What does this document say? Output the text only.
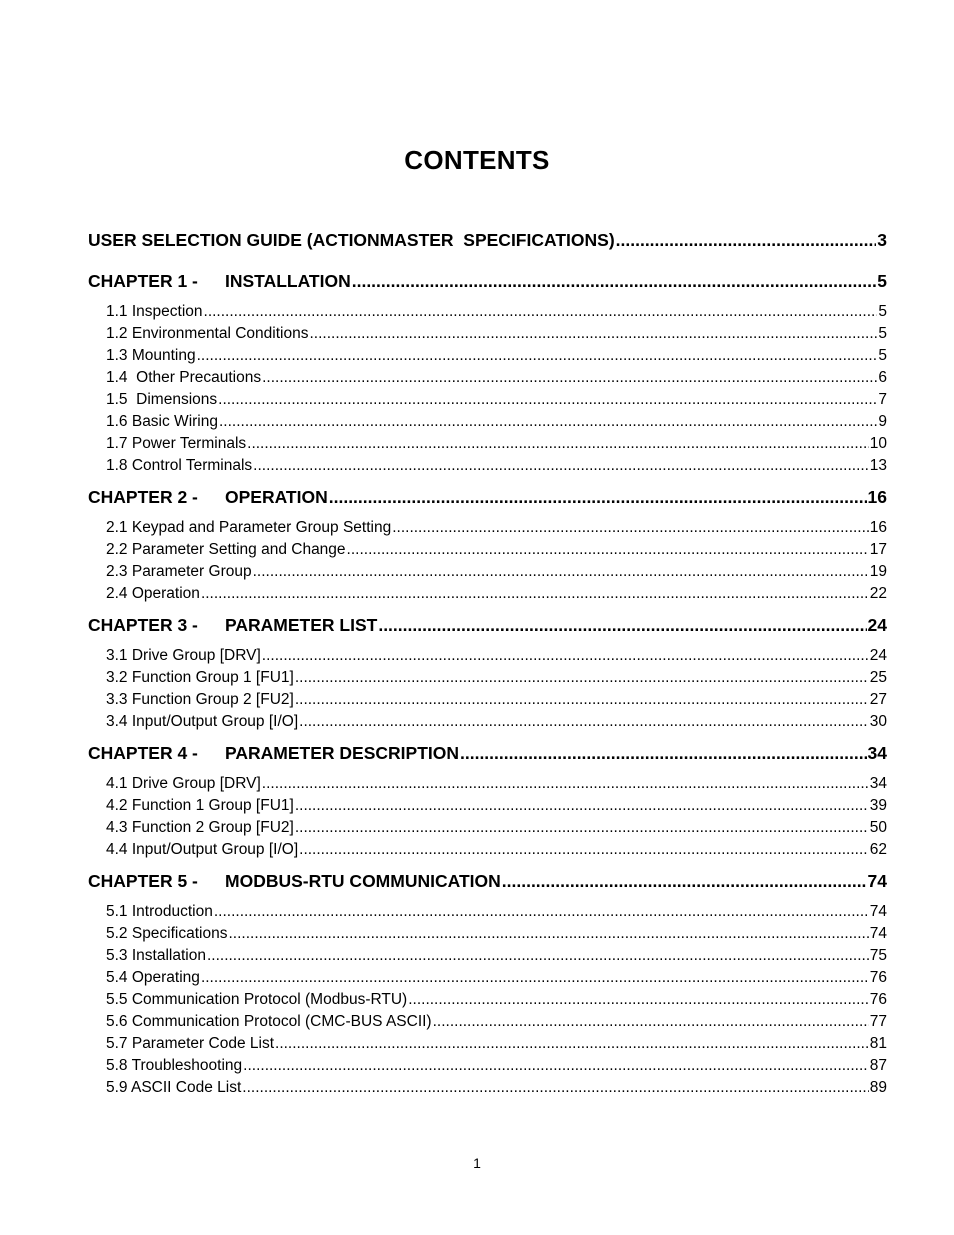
CONTENTS
USER SELECTION GUIDE (ACTIONMASTER  SPECIFICATIONS) .....	3
CHAPTER 1 - INSTALLATION .....	5
1.1 Inspection .....	5
1.2 Environmental Conditions .....	5
1.3 Mounting .....	5
1.4  Other Precautions .....	6
1.5  Dimensions .....	7
1.6 Basic Wiring .....	9
1.7 Power Terminals .....	10
1.8 Control Terminals .....	13
CHAPTER 2 - OPERATION .....	16
2.1 Keypad and Parameter Group Setting .....	16
2.2 Parameter Setting and Change .....	17
2.3 Parameter Group .....	19
2.4 Operation .....	22
CHAPTER 3 - PARAMETER LIST .....	24
3.1 Drive Group [DRV] .....	24
3.2 Function Group 1 [FU1] .....	25
3.3 Function Group 2 [FU2] .....	27
3.4 Input/Output Group [I/O] .....	30
CHAPTER 4 - PARAMETER DESCRIPTION .....	34
4.1 Drive Group [DRV] .....	34
4.2 Function 1 Group [FU1] .....	39
4.3 Function 2 Group [FU2] .....	50
4.4 Input/Output Group [I/O] .....	62
CHAPTER 5 - MODBUS-RTU COMMUNICATION .....	74
5.1 Introduction .....	74
5.2 Specifications .....	74
5.3 Installation .....	75
5.4 Operating .....	76
5.5 Communication Protocol (Modbus-RTU) .....	76
5.6 Communication Protocol (CMC-BUS ASCII) .....	77
5.7 Parameter Code List .....	81
5.8 Troubleshooting .....	87
5.9 ASCII Code List .....	89
1
